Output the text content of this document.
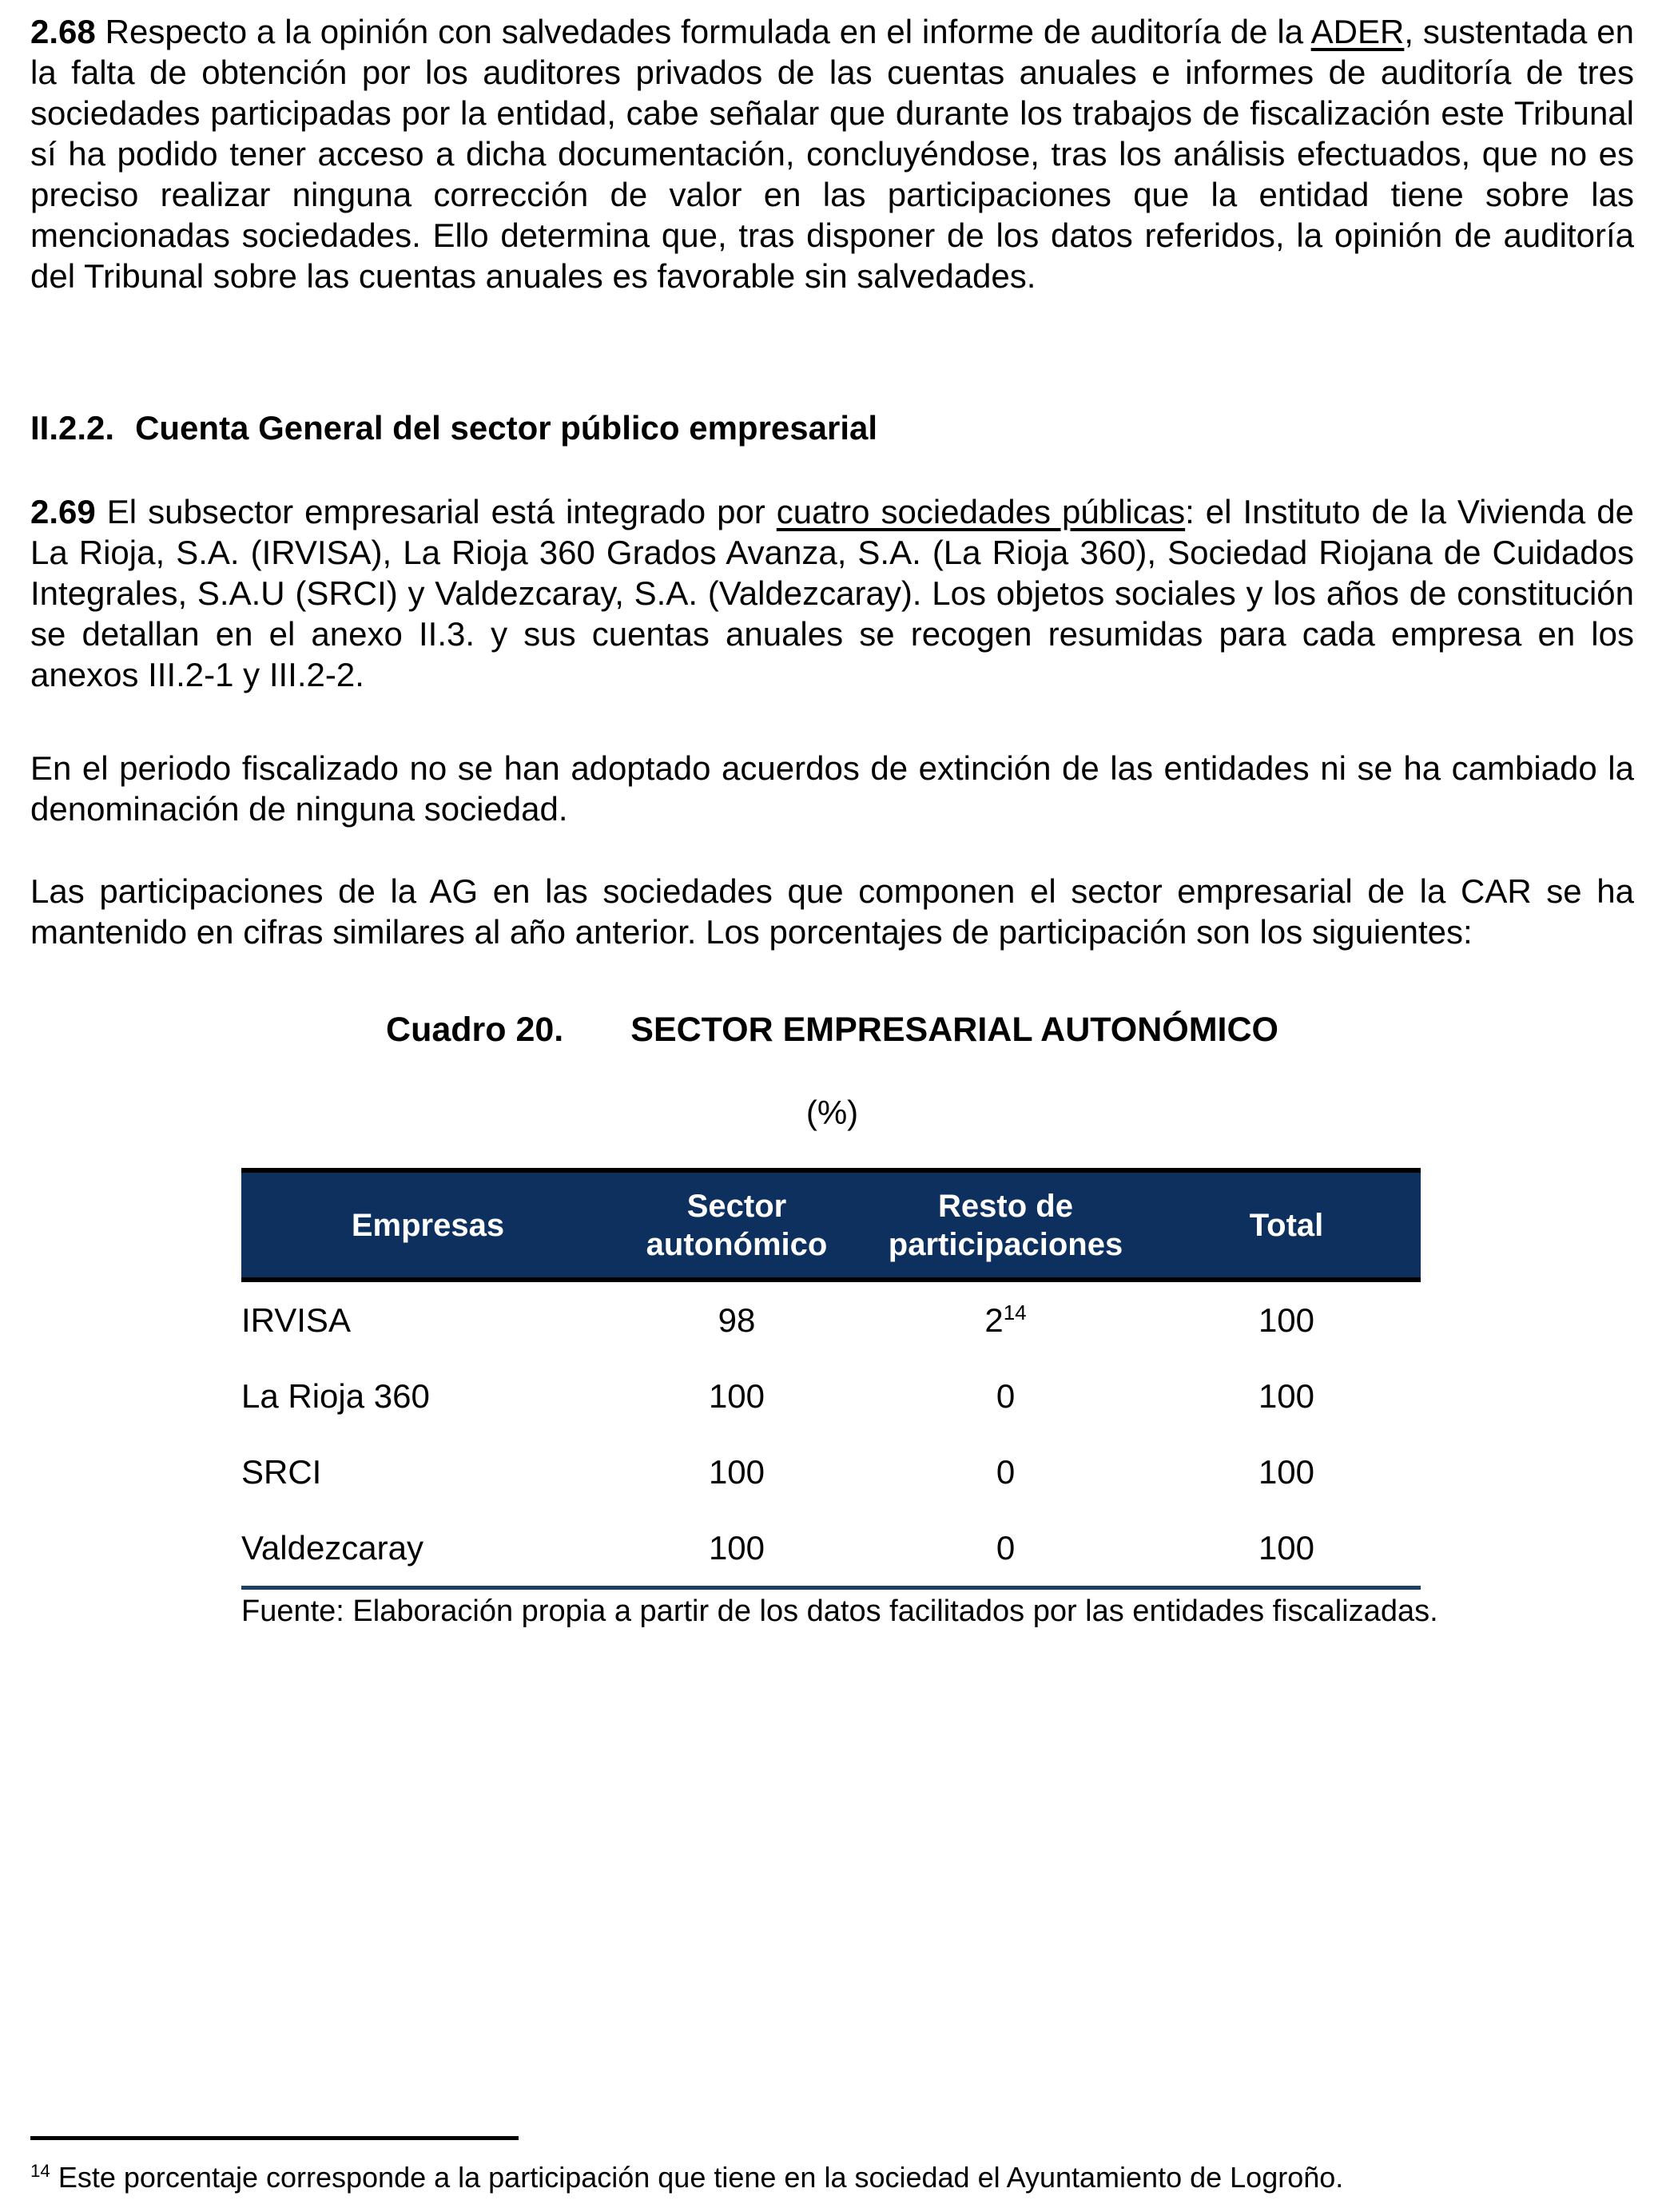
2.68 Respecto a la opinión con salvedades formulada en el informe de auditoría de la ADER, sustentada en la falta de obtención por los auditores privados de las cuentas anuales e informes de auditoría de tres sociedades participadas por la entidad, cabe señalar que durante los trabajos de fiscalización este Tribunal sí ha podido tener acceso a dicha documentación, concluyéndose, tras los análisis efectuados, que no es preciso realizar ninguna corrección de valor en las participaciones que la entidad tiene sobre las mencionadas sociedades. Ello determina que, tras disponer de los datos referidos, la opinión de auditoría del Tribunal sobre las cuentas anuales es favorable sin salvedades.

II.2.2. Cuenta General del sector público empresarial

2.69 El subsector empresarial está integrado por cuatro sociedades públicas: el Instituto de la Vivienda de La Rioja, S.A. (IRVISA), La Rioja 360 Grados Avanza, S.A. (La Rioja 360), Sociedad Riojana de Cuidados Integrales, S.A.U (SRCI) y Valdezcaray, S.A. (Valdezcaray). Los objetos sociales y los años de constitución se detallan en el anexo II.3. y sus cuentas anuales se recogen resumidas para cada empresa en los anexos III.2-1 y III.2-2.

En el periodo fiscalizado no se han adoptado acuerdos de extinción de las entidades ni se ha cambiado la denominación de ninguna sociedad.

Las participaciones de la AG en las sociedades que componen el sector empresarial de la CAR se ha mantenido en cifras similares al año anterior. Los porcentajes de participación son los siguientes:

Cuadro 20. SECTOR EMPRESARIAL AUTONÓMICO
(%)
Empresas	Sector autonómico	Resto de participaciones	Total
IRVISA	98	$2^{14}$	100
La Rioja 360	100	0	100
SRCI	100	0	100
Valdezcaray	100	0	100
Fuente: Elaboración propia a partir de los datos facilitados por las entidades fiscalizadas.
$^{14}$ Este porcentaje corresponde a la participación que tiene en la sociedad el Ayuntamiento de Logroño.
